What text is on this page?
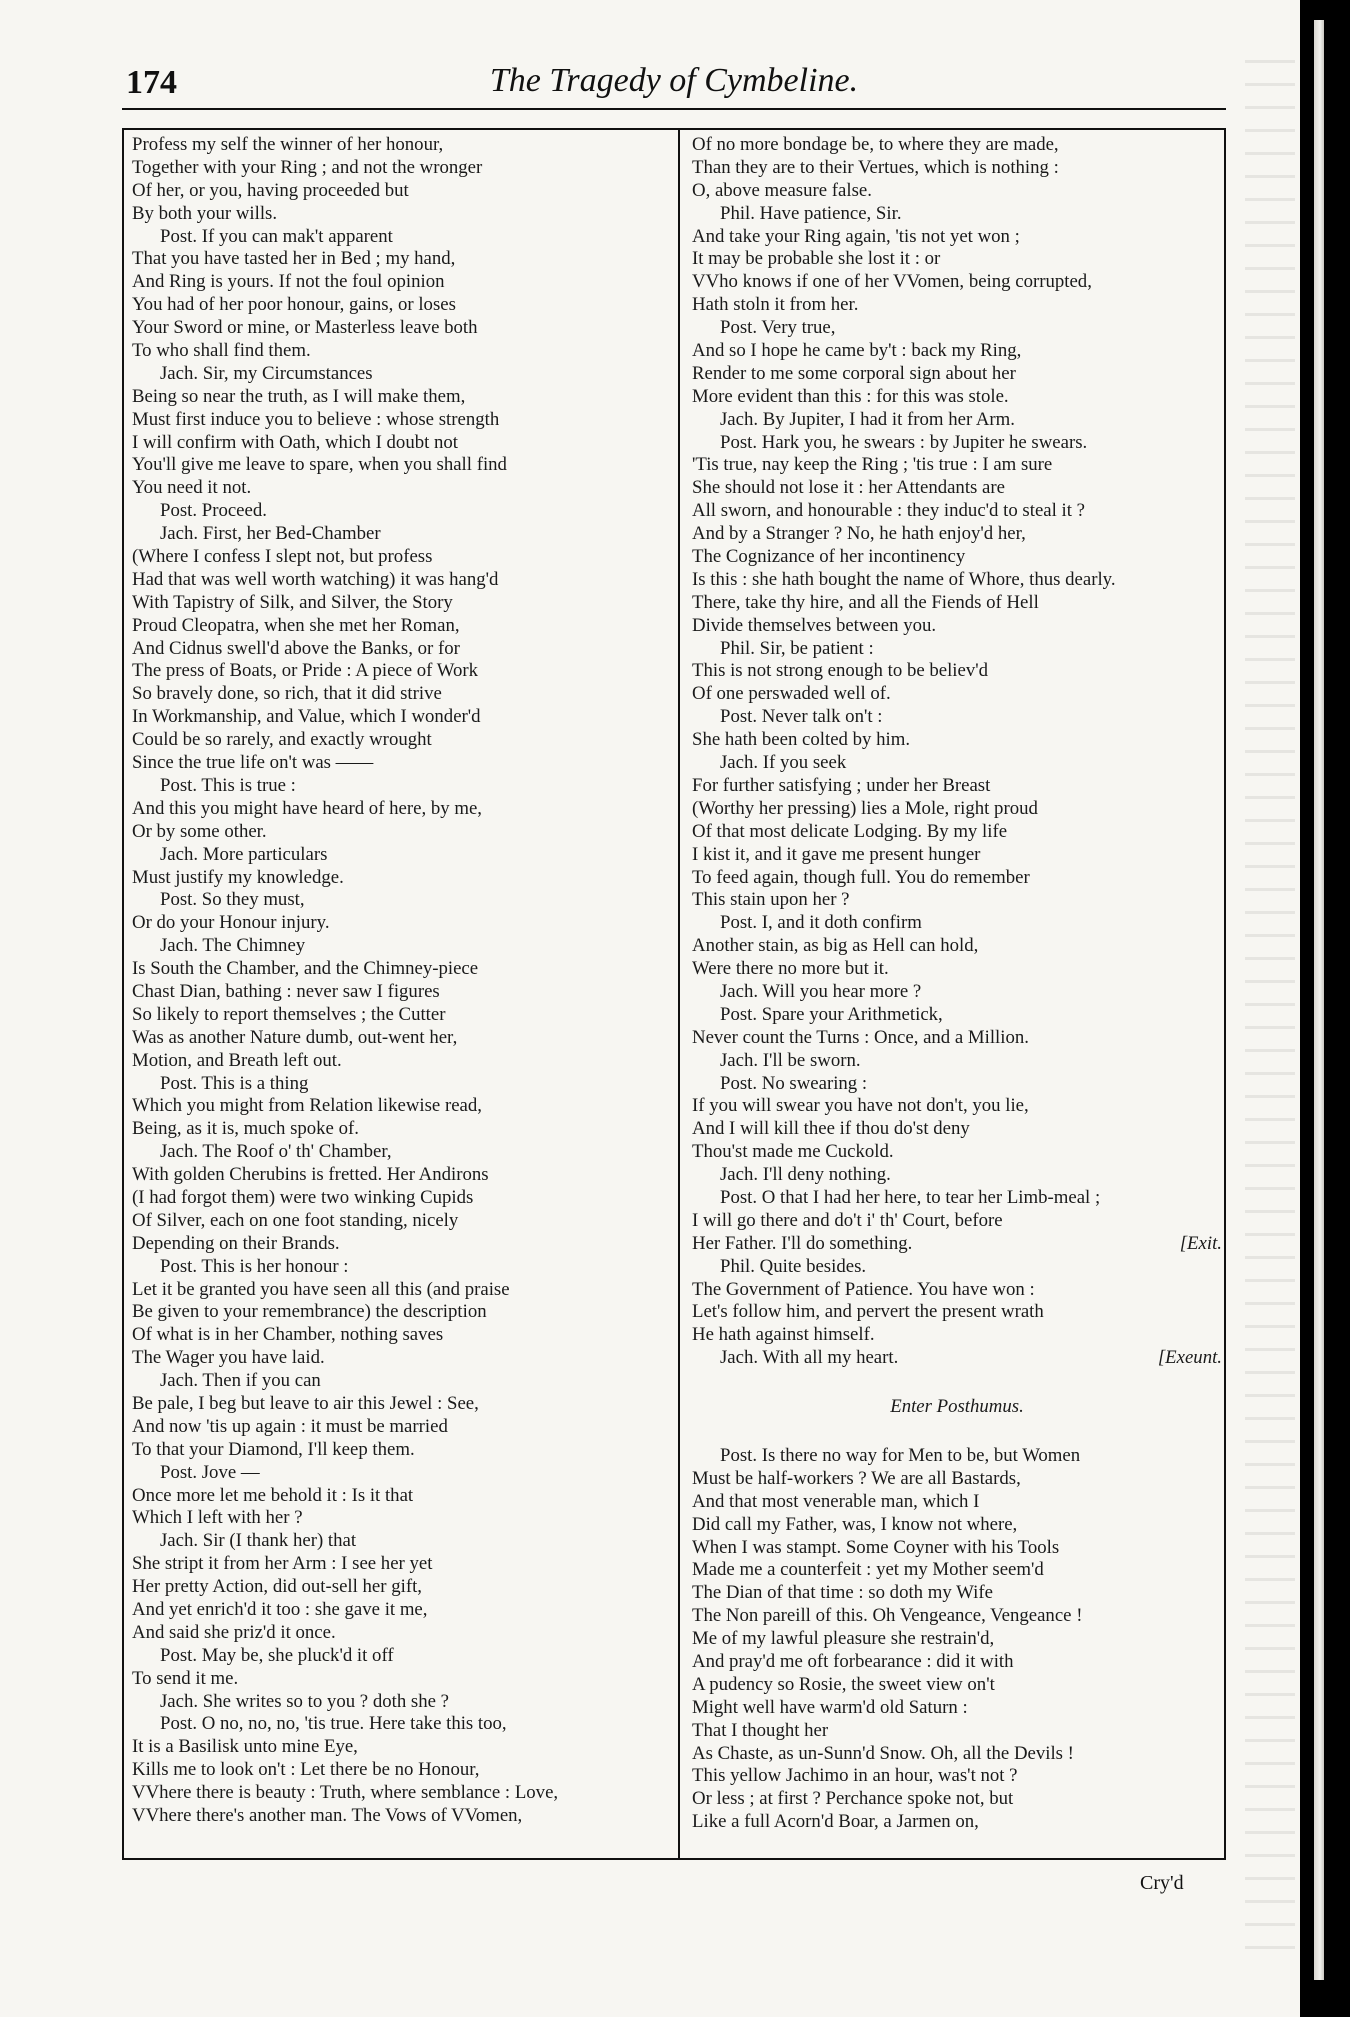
174	The Tragedy of Cymbeline.
Profess my self the winner of her honour,
Together with your Ring ; and not the wronger
Of her, or you, having proceeded but
By both your wills.
Post. If you can mak't apparent
That you have tasted her in Bed ; my hand,
And Ring is yours. If not the foul opinion
You had of her poor honour, gains, or loses
Your Sword or mine, or Masterless leave both
To who shall find them.
Jach. Sir, my Circumstances
Being so near the truth, as I will make them,
Must first induce you to believe : whose strength
I will confirm with Oath, which I doubt not
You'll give me leave to spare, when you shall find
You need it not.
Post. Proceed.
Jach. First, her Bed-Chamber
(Where I confess I slept not, but profess
Had that was well worth watching) it was hang'd
With Tapistry of Silk, and Silver, the Story
Proud Cleopatra, when she met her Roman,
And Cidnus swell'd above the Banks, or for
The press of Boats, or Pride : A piece of Work
So bravely done, so rich, that it did strive
In Workmanship, and Value, which I wonder'd
Could be so rarely, and exactly wrought
Since the true life on't was ——
Post. This is true :
And this you might have heard of here, by me,
Or by some other.
Jach. More particulars
Must justify my knowledge.
Post. So they must,
Or do your Honour injury.
Jach. The Chimney
Is South the Chamber, and the Chimney-piece
Chast Dian, bathing : never saw I figures
So likely to report themselves ; the Cutter
Was as another Nature dumb, out-went her,
Motion, and Breath left out.
Post. This is a thing
Which you might from Relation likewise read,
Being, as it is, much spoke of.
Jach. The Roof o' th' Chamber,
With golden Cherubins is fretted. Her Andirons
(I had forgot them) were two winking Cupids
Of Silver, each on one foot standing, nicely
Depending on their Brands.
Post. This is her honour :
Let it be granted you have seen all this (and praise
Be given to your remembrance) the description
Of what is in her Chamber, nothing saves
The Wager you have laid.
Jach. Then if you can
Be pale, I beg but leave to air this Jewel : See,
And now 'tis up again : it must be married
To that your Diamond, I'll keep them.
Post. Jove —
Once more let me behold it : Is it that
Which I left with her ?
Jach. Sir (I thank her) that
She stript it from her Arm : I see her yet
Her pretty Action, did out-sell her gift,
And yet enrich'd it too : she gave it me,
And said she priz'd it once.
Post. May be, she pluck'd it off
To send it me.
Jach. She writes so to you ? doth she ?
Post. O no, no, no, 'tis true. Here take this too,
It is a Basilisk unto mine Eye,
Kills me to look on't : Let there be no Honour,
VVhere there is beauty : Truth, where semblance : Love,
VVhere there's another man. The Vows of VVomen,
Of no more bondage be, to where they are made,
Than they are to their Vertues, which is nothing :
O, above measure false.
Phil. Have patience, Sir.
And take your Ring again, 'tis not yet won ;
It may be probable she lost it : or
VVho knows if one of her VVomen, being corrupted,
Hath stoln it from her.
Post. Very true,
And so I hope he came by't : back my Ring,
Render to me some corporal sign about her
More evident than this : for this was stole.
Jach. By Jupiter, I had it from her Arm.
Post. Hark you, he swears : by Jupiter he swears.
'Tis true, nay keep the Ring ; 'tis true : I am sure
She should not lose it : her Attendants are
All sworn, and honourable : they induc'd to steal it ?
And by a Stranger ? No, he hath enjoy'd her,
The Cognizance of her incontinency
Is this : she hath bought the name of Whore, thus dearly.
There, take thy hire, and all the Fiends of Hell
Divide themselves between you.
Phil. Sir, be patient :
This is not strong enough to be believ'd
Of one perswaded well of.
Post. Never talk on't :
She hath been colted by him.
Jach. If you seek
For further satisfying ; under her Breast
(Worthy her pressing) lies a Mole, right proud
Of that most delicate Lodging. By my life
I kist it, and it gave me present hunger
To feed again, though full. You do remember
This stain upon her ?
Post. I, and it doth confirm
Another stain, as big as Hell can hold,
Were there no more but it.
Jach. Will you hear more ?
Post. Spare your Arithmetick,
Never count the Turns : Once, and a Million.
Jach. I'll be sworn.
Post. No swearing :
If you will swear you have not don't, you lie,
And I will kill thee if thou do'st deny
Thou'st made me Cuckold.
Jach. I'll deny nothing.
Post. O that I had her here, to tear her Limb-meal ;
I will go there and do't i' th' Court, before
Her Father. I'll do something.	[Exit.
Phil. Quite besides.
The Government of Patience. You have won :
Let's follow him, and pervert the present wrath
He hath against himself.
Jach. With all my heart.	[Exeunt.
Enter Posthumus.
Post. Is there no way for Men to be, but Women
Must be half-workers ? We are all Bastards,
And that most venerable man, which I
Did call my Father, was, I know not where,
When I was stampt. Some Coyner with his Tools
Made me a counterfeit : yet my Mother seem'd
The Dian of that time : so doth my Wife
The Non pareill of this. Oh Vengeance, Vengeance !
Me of my lawful pleasure she restrain'd,
And pray'd me oft forbearance : did it with
A pudency so Rosie, the sweet view on't
Might well have warm'd old Saturn :
That I thought her
As Chaste, as un-Sunn'd Snow. Oh, all the Devils !
This yellow Jachimo in an hour, was't not ?
Or less ; at first ? Perchance spoke not, but
Like a full Acorn'd Boar, a Jarmen on,
Cry'd
